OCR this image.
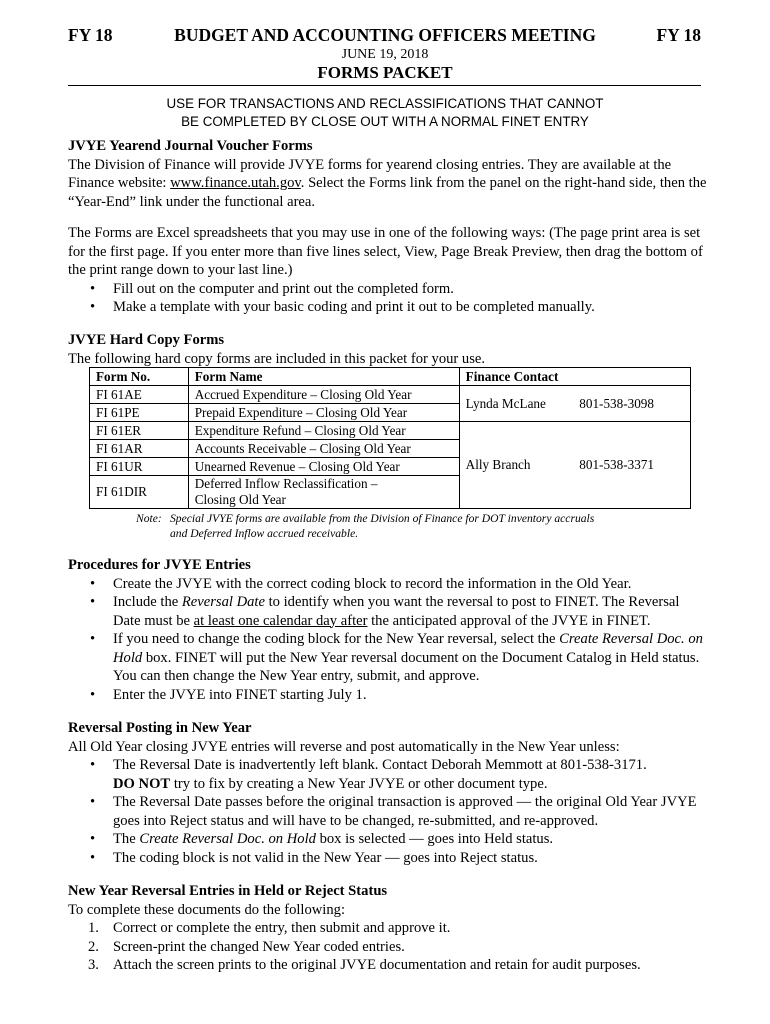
FY 18	BUDGET AND ACCOUNTING OFFICERS MEETING	FY 18
JUNE 19, 2018
FORMS PACKET
USE FOR TRANSACTIONS AND RECLASSIFICATIONS THAT CANNOT
BE COMPLETED BY CLOSE OUT WITH A NORMAL FINET ENTRY
JVYE Yearend Journal Voucher Forms
The Division of Finance will provide JVYE forms for yearend closing entries. They are available at the Finance website: www.finance.utah.gov. Select the Forms link from the panel on the right-hand side, then the “Year-End” link under the functional area.
The Forms are Excel spreadsheets that you may use in one of the following ways: (The page print area is set for the first page. If you enter more than five lines select, View, Page Break Preview, then drag the bottom of the print range down to your last line.)
• Fill out on the computer and print out the completed form.
• Make a template with your basic coding and print it out to be completed manually.
JVYE Hard Copy Forms
The following hard copy forms are included in this packet for your use.
Form No.	Form Name	Finance Contact
FI 61AE	Accrued Expenditure – Closing Old Year	Lynda McLane 801-538-3098

FI 61PE	Prepaid Expenditure – Closing Old Year	
FI 61ER	Expenditure Refund – Closing Old Year	Ally Branch 801-538-3371

FI 61AR	Accounts Receivable – Closing Old Year	
FI 61UR	Unearned Revenue – Closing Old Year	
FI 61DIR	Deferred Inflow Reclassification –
Closing Old Year	
Note: Special JVYE forms are available from the Division of Finance for DOT inventory accruals
and Deferred Inflow accrued receivable.
Procedures for JVYE Entries
• Create the JVYE with the correct coding block to record the information in the Old Year.
• Include the Reversal Date to identify when you want the reversal to post to FINET. The Reversal Date must be at least one calendar day after the anticipated approval of the JVYE in FINET.
• If you need to change the coding block for the New Year reversal, select the Create Reversal Doc. on Hold box. FINET will put the New Year reversal document on the Document Catalog in Held status. You can then change the New Year entry, submit, and approve.
• Enter the JVYE into FINET starting July 1.
Reversal Posting in New Year
All Old Year closing JVYE entries will reverse and post automatically in the New Year unless:
• The Reversal Date is inadvertently left blank. Contact Deborah Memmott at 801-538-3171.
DO NOT try to fix by creating a New Year JVYE or other document type.
• The Reversal Date passes before the original transaction is approved — the original Old Year JVYE goes into Reject status and will have to be changed, re-submitted, and re-approved.
• The Create Reversal Doc. on Hold box is selected — goes into Held status.
• The coding block is not valid in the New Year — goes into Reject status.
New Year Reversal Entries in Held or Reject Status
To complete these documents do the following:
1. Correct or complete the entry, then submit and approve it.
2. Screen-print the changed New Year coded entries.
3. Attach the screen prints to the original JVYE documentation and retain for audit purposes.
